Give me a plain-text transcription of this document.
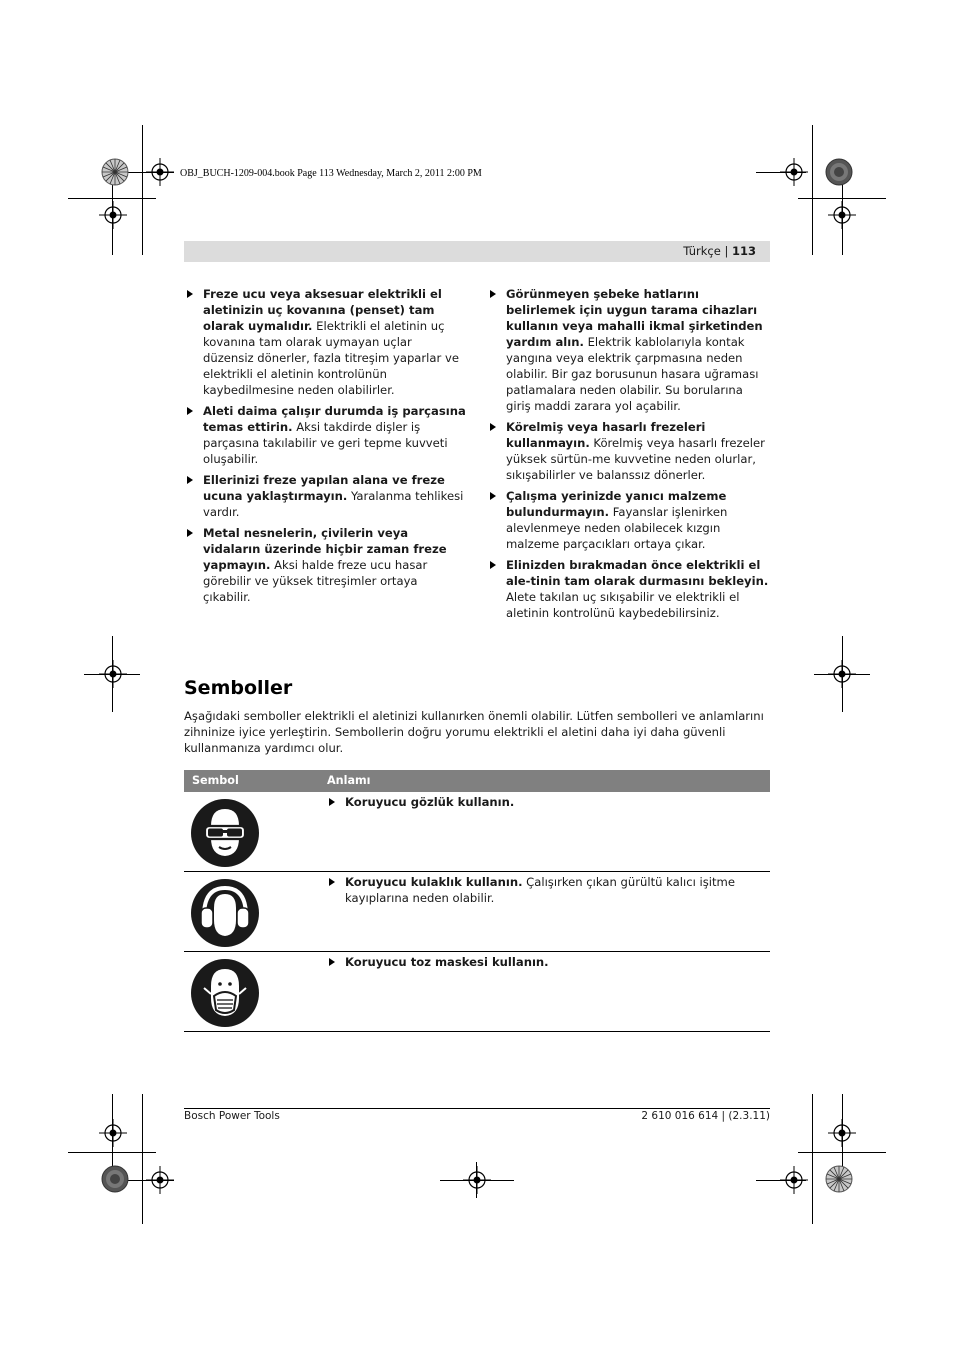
OBJ_BUCH-1209-004.book Page 113 Wednesday, March 2, 2011 2:00 PM
Türkçe | 113
Freze ucu veya aksesuar elektrikli el aletinizin uç kovanına (penset) tam olarak uymalıdır. Elektrikli el aletinin uç kovanına tam olarak uymayan uçlar düzensiz dönerler, fazla titreşim yaparlar ve elektrikli el aletinin kontrolünün kaybedilmesine neden olabilirler.
Aleti daima çalışır durumda iş parçasına temas ettirin. Aksi takdirde dişler iş parçasına takılabilir ve geri tepme kuvveti oluşabilir.
Ellerinizi freze yapılan alana ve freze ucuna yaklaştırmayın. Yaralanma tehlikesi vardır.
Metal nesnelerin, çivilerin veya vidaların üzerinde hiçbir zaman freze yapmayın. Aksi halde freze ucu hasar görebilir ve yüksek titreşimler ortaya çıkabilir.
Görünmeyen şebeke hatlarını belirlemek için uygun tarama cihazları kullanın veya mahalli ikmal şirketinden yardım alın. Elektrik kablolarıyla kontak yangına veya elektrik çarpmasına neden olabilir. Bir gaz borusunun hasara uğraması patlamalara neden olabilir. Su borularına giriş maddi zarara yol açabilir.
Körelmiş veya hasarlı frezeleri kullanmayın. Körelmiş veya hasarlı frezeler yüksek sürtün-me kuvvetine neden olurlar, sıkışabilirler ve balanssız dönerler.
Çalışma yerinizde yanıcı malzeme bulundurmayın. Fayanslar işlenirken alevlenmeye neden olabilecek kızgın malzeme parçacıkları ortaya çıkar.
Elinizden bırakmadan önce elektrikli el ale-tinin tam olarak durmasını bekleyin. Alete takılan uç sıkışabilir ve elektrikli el aletinin kontrolünü kaybedebilirsiniz.
Semboller
Aşağıdaki semboller elektrikli el aletinizi kullanırken önemli olabilir. Lütfen sembolleri ve anlamlarını zihninize iyice yerleştirin. Sembollerin doğru yorumu elektrikli el aletini daha iyi daha güvenli kullanmanıza yardımcı olur.
Sembol	Anlamı
Koruyucu gözlük kullanın.
Koruyucu kulaklık kullanın. Çalışırken çıkan gürültü kalıcı işitme kayıplarına neden olabilir.
Koruyucu toz maskesi kullanın.
Bosch Power Tools	2 610 016 614 | (2.3.11)
